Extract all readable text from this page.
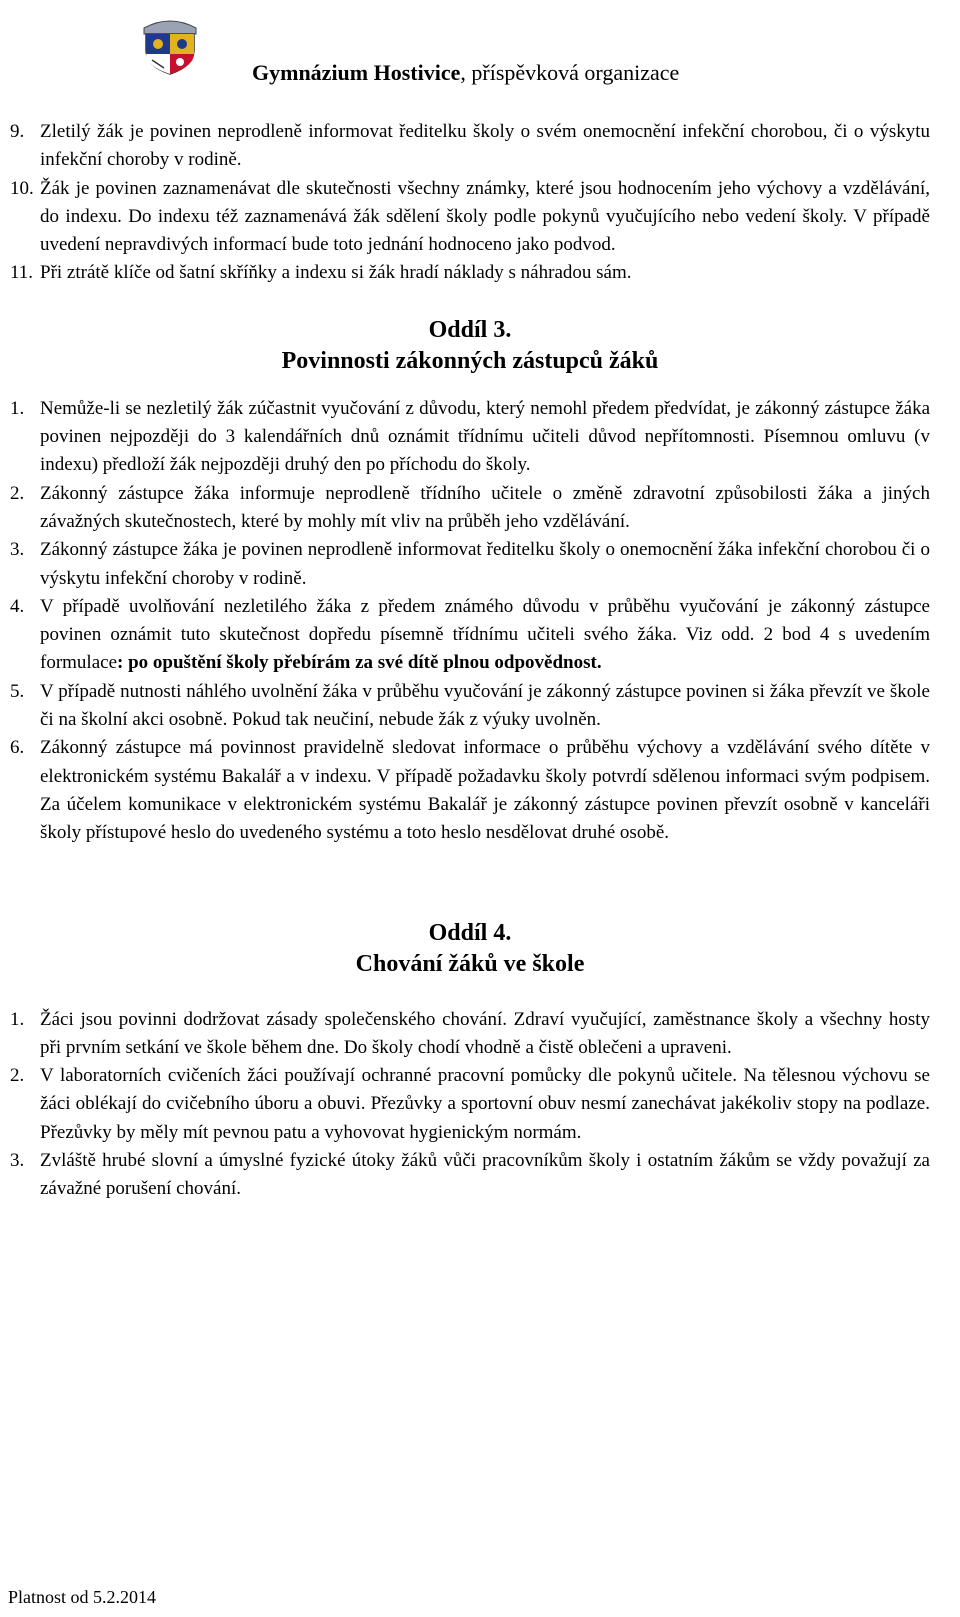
Gymnázium Hostivice, příspěvková organizace
9. Zletilý žák je povinen neprodleně informovat ředitelku školy o svém onemocnění infekční chorobou, či o výskytu infekční choroby v rodině.
10. Žák je povinen zaznamenávat dle skutečnosti všechny známky, které jsou hodnocením jeho výchovy a vzdělávání, do indexu. Do indexu též zaznamenává žák sdělení školy podle pokynů vyučujícího nebo vedení školy. V případě uvedení nepravdivých informací bude toto jednání hodnoceno jako podvod.
11. Při ztrátě klíče od šatní skříňky a indexu si žák hradí náklady s náhradou sám.
Oddíl 3.
Povinnosti zákonných zástupců žáků
1. Nemůže-li se nezletilý žák zúčastnit vyučování z důvodu, který nemohl předem předvídat, je zákonný zástupce žáka povinen nejpozději do 3 kalendářních dnů oznámit třídnímu učiteli důvod nepřítomnosti. Písemnou omluvu (v indexu) předloží žák nejpozději druhý den po příchodu do školy.
2. Zákonný zástupce žáka informuje neprodleně třídního učitele o změně zdravotní způsobilosti žáka a jiných závažných skutečnostech, které by mohly mít vliv na průběh jeho vzdělávání.
3. Zákonný zástupce žáka je povinen neprodleně informovat ředitelku školy o onemocnění žáka infekční chorobou či o výskytu infekční choroby v rodině.
4. V případě uvolňování nezletilého žáka z předem známého důvodu v průběhu vyučování je zákonný zástupce povinen oznámit tuto skutečnost dopředu písemně třídnímu učiteli svého žáka. Viz odd. 2 bod 4 s uvedením formulace: po opuštění školy přebírám za své dítě plnou odpovědnost.
5. V případě nutnosti náhlého uvolnění žáka v průběhu vyučování je zákonný zástupce povinen si žáka převzít ve škole či na školní akci osobně. Pokud tak neučiní, nebude žák z výuky uvolněn.
6. Zákonný zástupce má povinnost pravidelně sledovat informace o průběhu výchovy a vzdělávání svého dítěte v elektronickém systému Bakalář a v indexu. V případě požadavku školy potvrdí sdělenou informaci svým podpisem. Za účelem komunikace v elektronickém systému Bakalář je zákonný zástupce povinen převzít osobně v kanceláři školy přístupové heslo do uvedeného systému a toto heslo nesdělovat druhé osobě.
Oddíl 4.
Chování žáků ve škole
1. Žáci jsou povinni dodržovat zásady společenského chování. Zdraví vyučující, zaměstnance školy a všechny hosty při prvním setkání ve škole během dne. Do školy chodí vhodně a čistě oblečeni a upraveni.
2. V laboratorních cvičeních žáci používají ochranné pracovní pomůcky dle pokynů učitele. Na tělesnou výchovu se žáci oblékají do cvičebního úboru a obuvi. Přezůvky a sportovní obuv nesmí zanechávat jakékoliv stopy na podlaze. Přezůvky by měly mít pevnou patu a vyhovovat hygienickým normám.
3. Zvláště hrubé slovní a úmyslné fyzické útoky žáků vůči pracovníkům školy i ostatním žákům se vždy považují za závažné porušení chování.
Platnost od 5.2.2014
